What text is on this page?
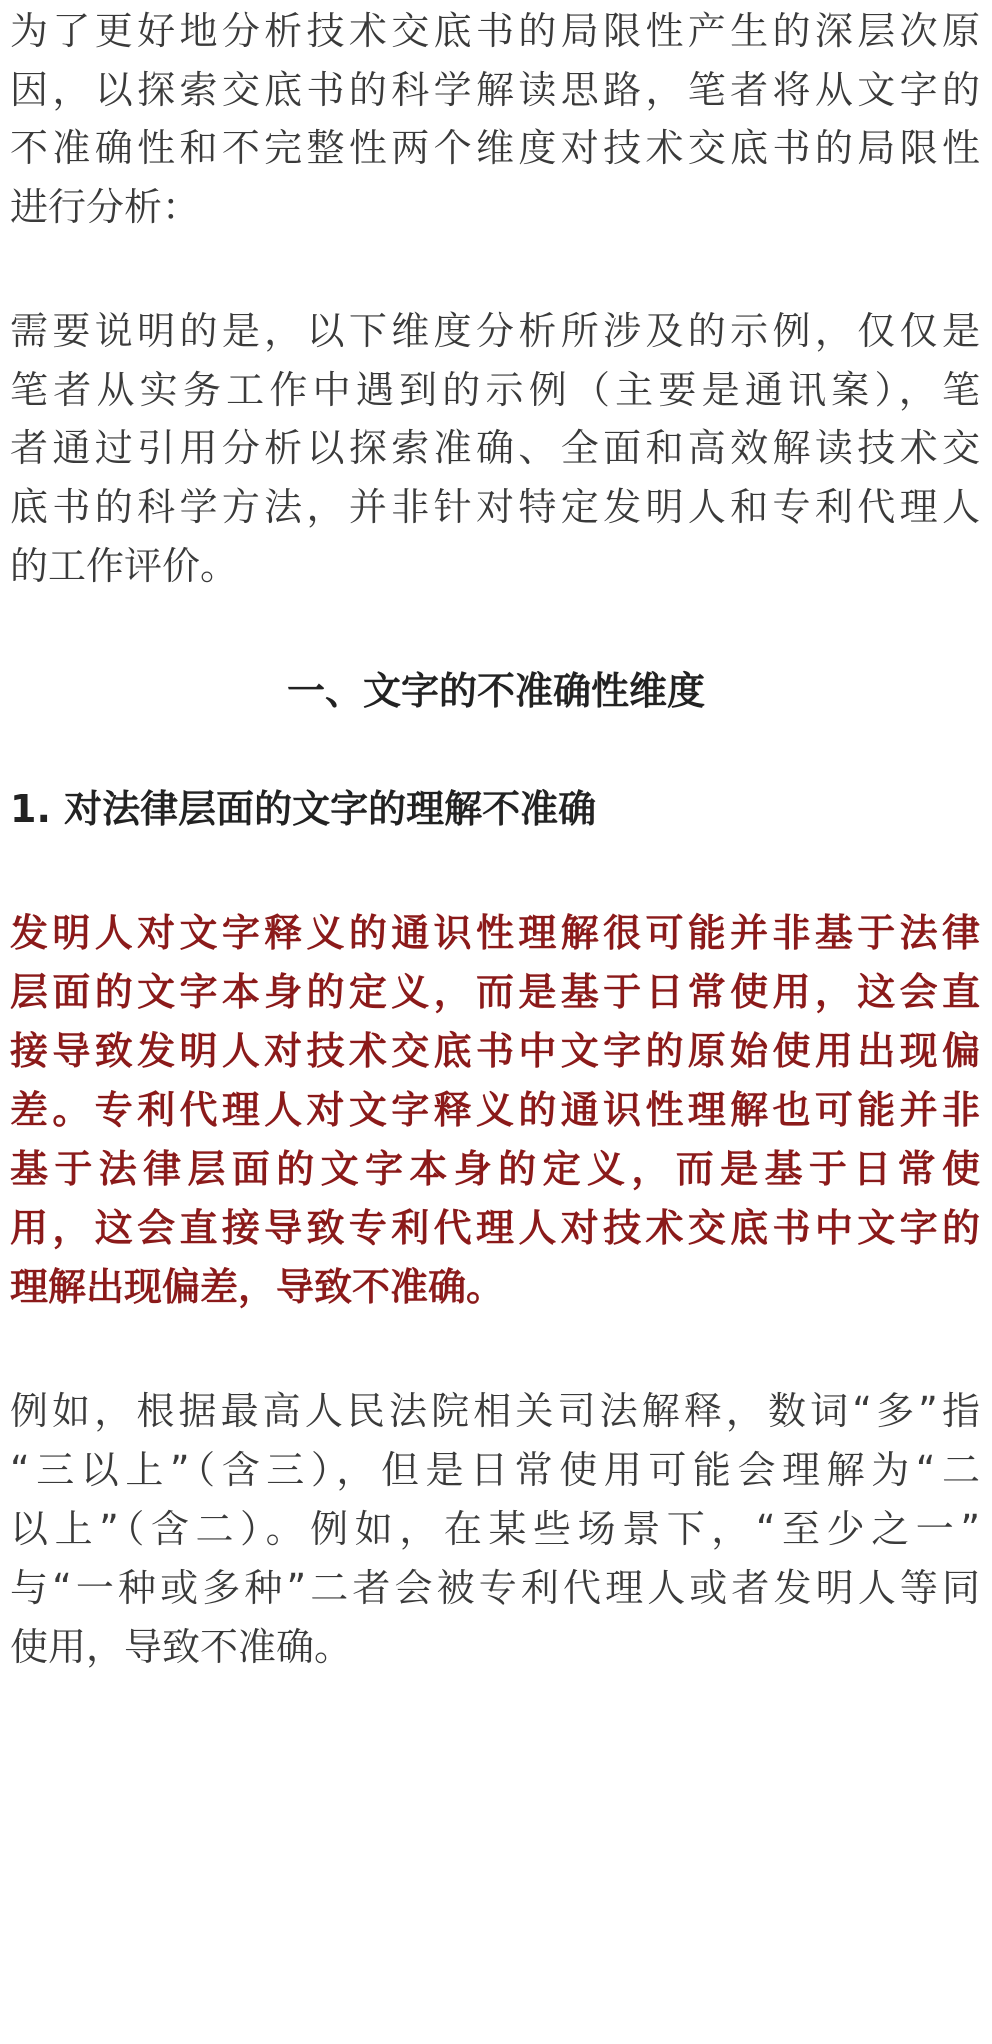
为了更好地分析技术交底书的局限性产生的深层次原
因，以探索交底书的科学解读思路，笔者将从文字的
不准确性和不完整性两个维度对技术交底书的局限性
进行分析：
需要说明的是，以下维度分析所涉及的示例，仅仅是
笔者从实务工作中遇到的示例（主要是通讯案），笔
者通过引用分析以探索准确、全面和高效解读技术交
底书的科学方法，并非针对特定发明人和专利代理人
的工作评价。
一、文字的不准确性维度
1. 对法律层面的文字的理解不准确
发明人对文字释义的通识性理解很可能并非基于法律
层面的文字本身的定义，而是基于日常使用，这会直
接导致发明人对技术交底书中文字的原始使用出现偏
差。专利代理人对文字释义的通识性理解也可能并非
基于法律层面的文字本身的定义，而是基于日常使
用，这会直接导致专利代理人对技术交底书中文字的
理解出现偏差，导致不准确。
例如，根据最高人民法院相关司法解释，数词“多”指
“三以上”（含三），但是日常使用可能会理解为“二
以上”（含二）。例如，在某些场景下，“至少之一”
与“一种或多种”二者会被专利代理人或者发明人等同
使用，导致不准确。
